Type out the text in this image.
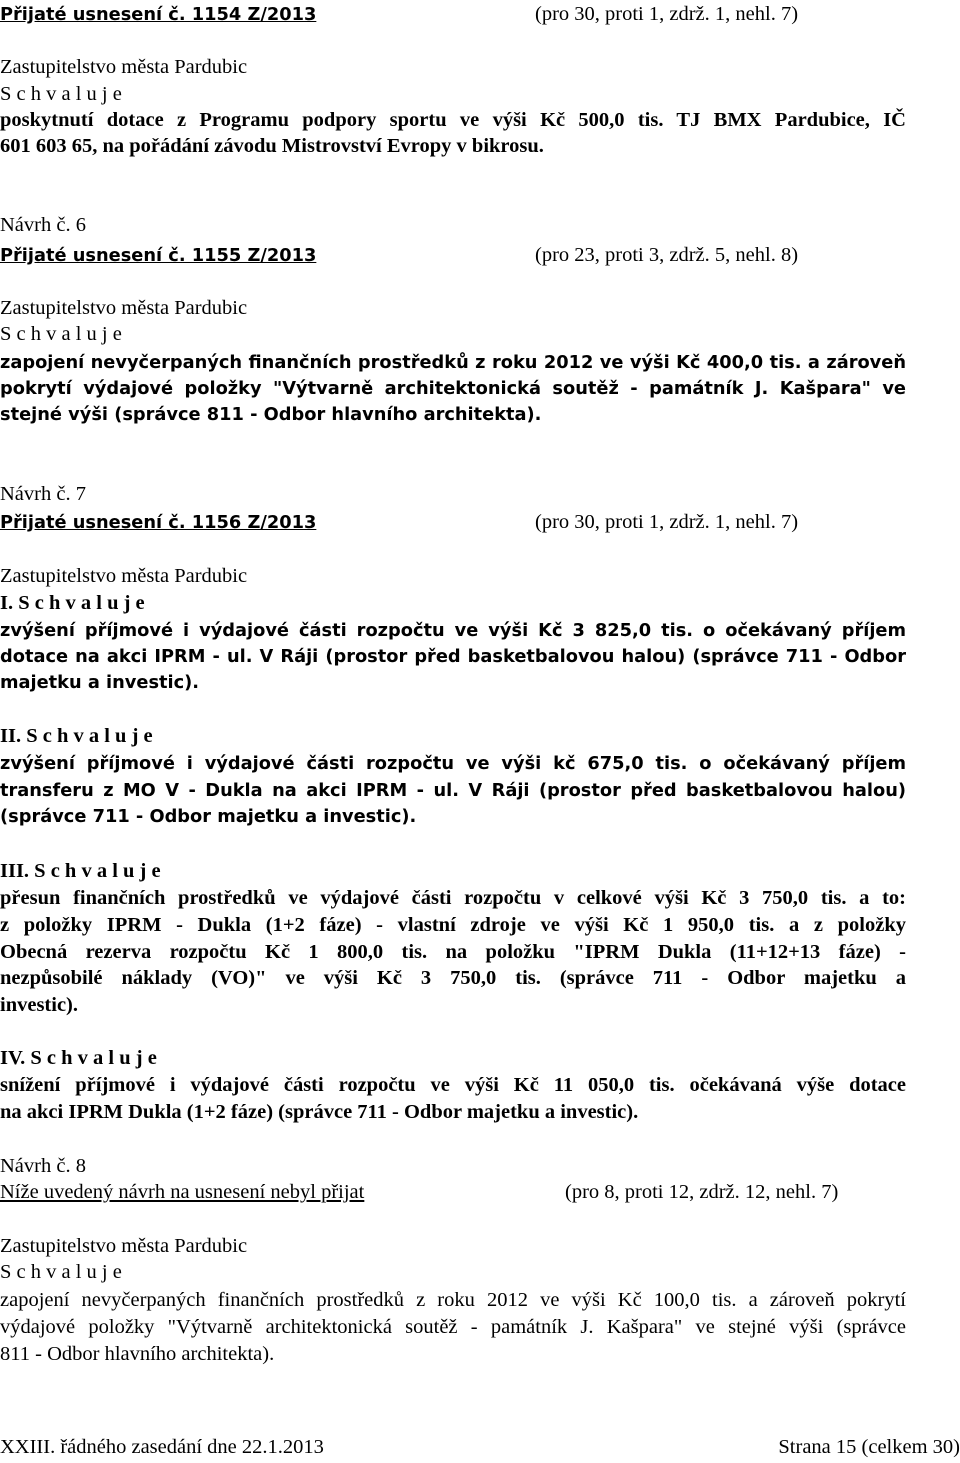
Přijaté usnesení č. 1154 Z/2013	(pro 30, proti 1, zdrž. 1, nehl. 7)
Zastupitelstvo města Pardubic
S c h v a l u j e
poskytnutí dotace z Programu podpory sportu ve výši Kč 500,0 tis. TJ BMX Pardubice, IČ
601 603 65, na pořádání závodu Mistrovství Evropy v bikrosu.
Návrh č. 6
Přijaté usnesení č. 1155 Z/2013	(pro 23, proti 3, zdrž. 5, nehl. 8)
Zastupitelstvo města Pardubic
S c h v a l u j e
zapojení nevyčerpaných finančních prostředků z roku 2012 ve výši Kč 400,0 tis. a zároveň
pokrytí výdajové položky "Výtvarně architektonická soutěž - památník J. Kašpara" ve
stejné výši (správce 811 - Odbor hlavního architekta).
Návrh č. 7
Přijaté usnesení č. 1156 Z/2013	(pro 30, proti 1, zdrž. 1, nehl. 7)
Zastupitelstvo města Pardubic
I. S c h v a l u j e
zvýšení příjmové i výdajové části rozpočtu ve výši Kč 3 825,0 tis. o očekávaný příjem
dotace na akci IPRM - ul. V Ráji (prostor před basketbalovou halou) (správce 711 - Odbor
majetku a investic).
II. S c h v a l u j e
zvýšení příjmové i výdajové části rozpočtu ve výši kč 675,0 tis. o očekávaný příjem
transferu z MO V - Dukla na akci IPRM - ul. V Ráji (prostor před basketbalovou halou)
(správce 711 - Odbor majetku a investic).
III. S c h v a l u j e
přesun finančních prostředků ve výdajové části rozpočtu v celkové výši Kč 3 750,0 tis. a to:
z položky IPRM - Dukla (1+2 fáze) - vlastní zdroje ve výši Kč 1 950,0 tis. a z položky
Obecná rezerva rozpočtu Kč 1 800,0 tis. na položku "IPRM Dukla (11+12+13 fáze) -
nezpůsobilé náklady (VO)" ve výši Kč 3 750,0 tis. (správce 711 - Odbor majetku a
investic).
IV. S c h v a l u j e
snížení příjmové i výdajové části rozpočtu ve výši Kč 11 050,0 tis. očekávaná výše dotace
na akci IPRM Dukla (1+2 fáze) (správce 711 - Odbor majetku a investic).
Návrh č. 8
Níže uvedený návrh na usnesení nebyl přijat	(pro 8, proti 12, zdrž. 12, nehl. 7)
Zastupitelstvo města Pardubic
S c h v a l u j e
zapojení nevyčerpaných finančních prostředků z roku 2012 ve výši Kč 100,0 tis. a zároveň pokrytí
výdajové položky "Výtvarně architektonická soutěž - památník J. Kašpara" ve stejné výši (správce
811 - Odbor hlavního architekta).
XXIII. řádného zasedání dne 22.1.2013	Strana 15 (celkem 30)
